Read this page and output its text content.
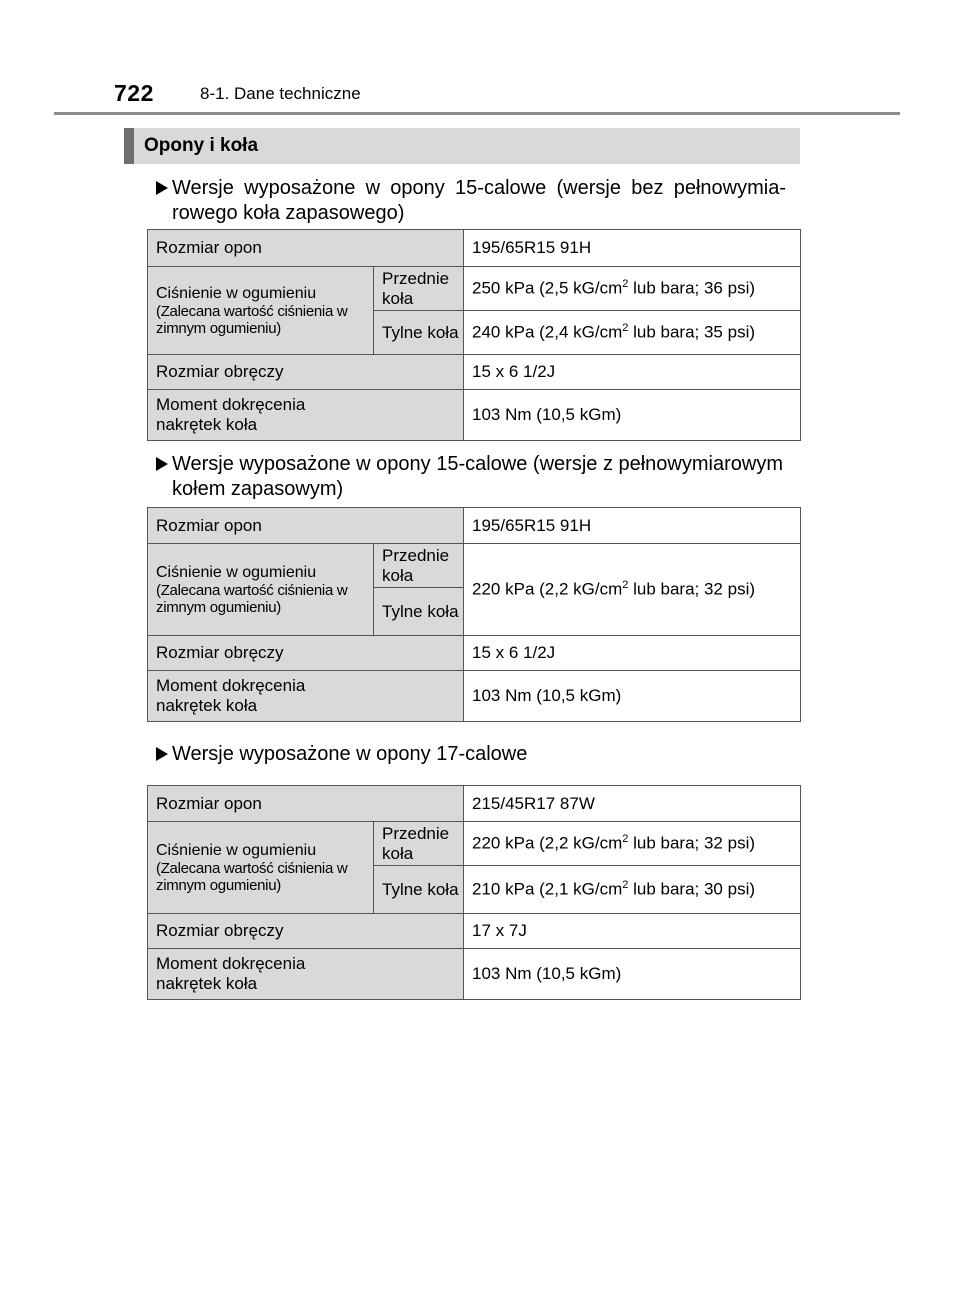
722	8-1. Dane techniczne
Opony i koła
Wersje wyposażone w opony 15-calowe (wersje bez pełnowymia-rowego koła zapasowego)
Rozmiar opon		195/65R15 91H

Ciśnienie w ogumieniu
(Zalecana wartość ciśnienia w zimnym ogumieniu)	Przednie koła	250 kPa (2,5 $kG/cm^2$ lub bara; 36 psi)
	Tylne koła	240 kPa (2,4 $kG/cm^2$ lub bara; 35 psi)
Rozmiar obręczy		15 x 6 1/2J
Moment dokręcenia nakrętek koła		103 Nm (10,5 kGm)
Wersje wyposażone w opony 15-calowe (wersje z pełnowymiarowym kołem zapasowym)
Rozmiar opon		195/65R15 91H

Ciśnienie w ogumieniu
(Zalecana wartość ciśnienia w zimnym ogumieniu)	Przednie koła	220 kPa (2,2 $kG/cm^2$ lub bara; 32 psi)
	Tylne koła	
Rozmiar obręczy		15 x 6 1/2J
Moment dokręcenia nakrętek koła		103 Nm (10,5 kGm)
Wersje wyposażone w opony 17-calowe
Rozmiar opon		215/45R17 87W

Ciśnienie w ogumieniu
(Zalecana wartość ciśnienia w zimnym ogumieniu)	Przednie koła	220 kPa (2,2 $kG/cm^2$ lub bara; 32 psi)
	Tylne koła	210 kPa (2,1 $kG/cm^2$ lub bara; 30 psi)
Rozmiar obręczy		17 x 7J
Moment dokręcenia nakrętek koła		103 Nm (10,5 kGm)
